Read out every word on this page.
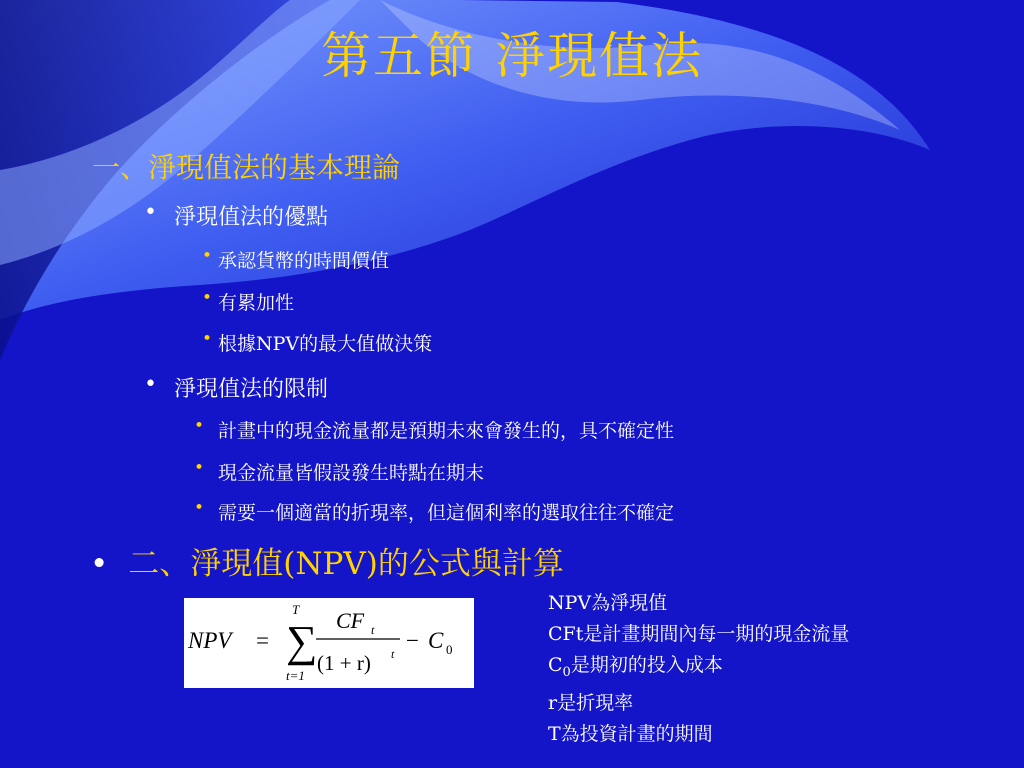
第五節 淨現值法
一、淨現值法的基本理論
• 淨現值法的優點
• 承認貨幣的時間價值
• 有累加性
• 根據NPV的最大值做決策
• 淨現值法的限制
• 計畫中的現金流量都是預期未來會發生的，具不確定性
• 現金流量皆假設發生時點在期末
• 需要一個適當的折現率，但這個利率的選取往往不確定
• 二、淨現值(NPV)的公式與計算
NPV = ∑
T
t=1
CF t
(1 + r) t
− C 0
NPV為淨現值
CFt是計畫期間內每一期的現金流量
$C_0$是期初的投入成本
r是折現率
T為投資計畫的期間
